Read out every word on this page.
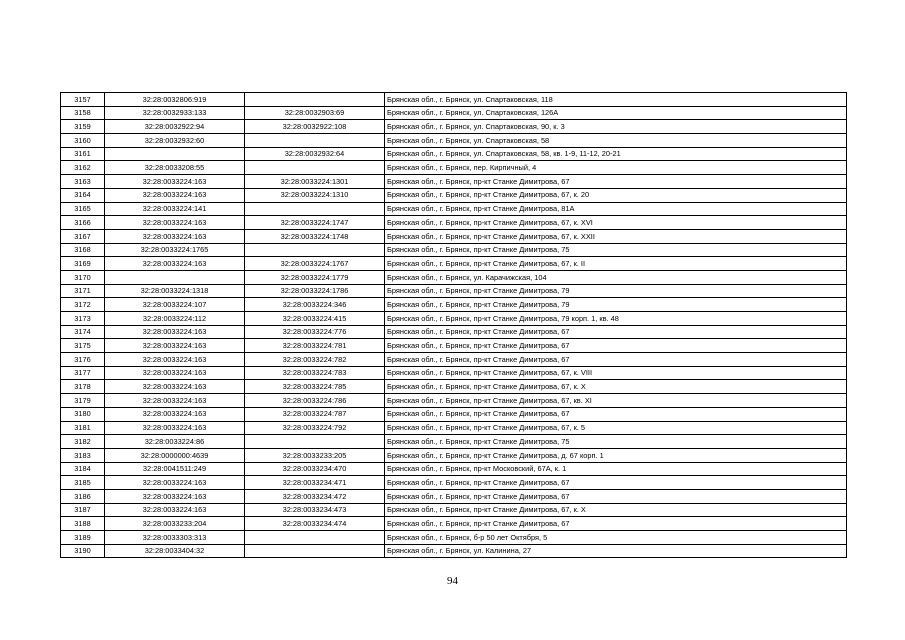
3157	32:28:0032806:919		Брянская обл., г. Брянск, ул. Спартаковская, 118
3158	32:28:0032933:133	32:28:0032903:69	Брянская обл., г. Брянск, ул. Спартаковская, 126А
3159	32:28:0032922:94	32:28:0032922:108	Брянская обл., г. Брянск, ул. Спартаковская, 90, к. 3
3160	32:28:0032932:60		Брянская обл., г. Брянск, ул. Спартаковская, 58
3161		32:28:0032932:64	Брянская обл., г. Брянск, ул. Спартаковская, 58, кв. 1-9, 11-12, 20-21
3162	32:28:0033208:55		Брянская обл., г. Брянск, пер. Кирпичный, 4
3163	32:28:0033224:163	32:28:0033224:1301	Брянская обл., г. Брянск, пр-кт Станке Димитрова, 67
3164	32:28:0033224:163	32:28:0033224:1310	Брянская обл., г. Брянск, пр-кт Станке Димитрова, 67, к. 20
3165	32:28:0033224:141		Брянская обл., г. Брянск, пр-кт Станке Димитрова, 81А
3166	32:28:0033224:163	32:28:0033224:1747	Брянская обл., г. Брянск, пр-кт Станке Димитрова, 67, к. XVI
3167	32:28:0033224:163	32:28:0033224:1748	Брянская обл., г. Брянск, пр-кт Станке Димитрова, 67, к. XXII
3168	32:28:0033224:1765		Брянская обл., г. Брянск, пр-кт Станке Димитрова, 75
3169	32:28:0033224:163	32:28:0033224:1767	Брянская обл., г. Брянск, пр-кт Станке Димитрова, 67, к. II
3170		32:28:0033224:1779	Брянская обл., г. Брянск, ул. Карачижская, 104
3171	32:28:0033224:1318	32:28:0033224:1786	Брянская обл., г. Брянск, пр-кт Станке Димитрова, 79
3172	32:28:0033224:107	32:28:0033224:346	Брянская обл., г. Брянск, пр-кт Станке Димитрова, 79
3173	32:28:0033224:112	32:28:0033224:415	Брянская обл., г. Брянск, пр-кт Станке Димитрова, 79 корп. 1, кв. 48
3174	32:28:0033224:163	32:28:0033224:776	Брянская обл., г. Брянск, пр-кт Станке Димитрова, 67
3175	32:28:0033224:163	32:28:0033224:781	Брянская обл., г. Брянск, пр-кт Станке Димитрова, 67
3176	32:28:0033224:163	32:28:0033224:782	Брянская обл., г. Брянск, пр-кт Станке Димитрова, 67
3177	32:28:0033224:163	32:28:0033224:783	Брянская обл., г. Брянск, пр-кт Станке Димитрова, 67, к. VIII
3178	32:28:0033224:163	32:28:0033224:785	Брянская обл., г. Брянск, пр-кт Станке Димитрова, 67, к. X
3179	32:28:0033224:163	32:28:0033224:786	Брянская обл., г. Брянск, пр-кт Станке Димитрова, 67, кв. XI
3180	32:28:0033224:163	32:28:0033224:787	Брянская обл., г. Брянск, пр-кт Станке Димитрова, 67
3181	32:28:0033224:163	32:28:0033224:792	Брянская обл., г. Брянск, пр-кт Станке Димитрова, 67, к. 5
3182	32:28:0033224:86		Брянская обл., г. Брянск, пр-кт Станке Димитрова, 75
3183	32:28:0000000:4639	32:28:0033233:205	Брянская обл., г. Брянск, пр-кт Станке Димитрова, д. 67 корп. 1
3184	32:28:0041511:249	32:28:0033234:470	Брянская обл., г. Брянск, пр-кт Московский, 67А, к. 1
3185	32:28:0033224:163	32:28:0033234:471	Брянская обл., г. Брянск, пр-кт Станке Димитрова, 67
3186	32:28:0033224:163	32:28:0033234:472	Брянская обл., г. Брянск, пр-кт Станке Димитрова, 67
3187	32:28:0033224:163	32:28:0033234:473	Брянская обл., г. Брянск, пр-кт Станке Димитрова, 67, к. X
3188	32:28:0033233:204	32:28:0033234:474	Брянская обл., г. Брянск, пр-кт Станке Димитрова, 67
3189	32:28:0033303:313		Брянская обл., г. Брянск, б-р 50 лет Октября, 5
3190	32:28:0033404:32		Брянская обл., г. Брянск, ул. Калинина, 27
94
